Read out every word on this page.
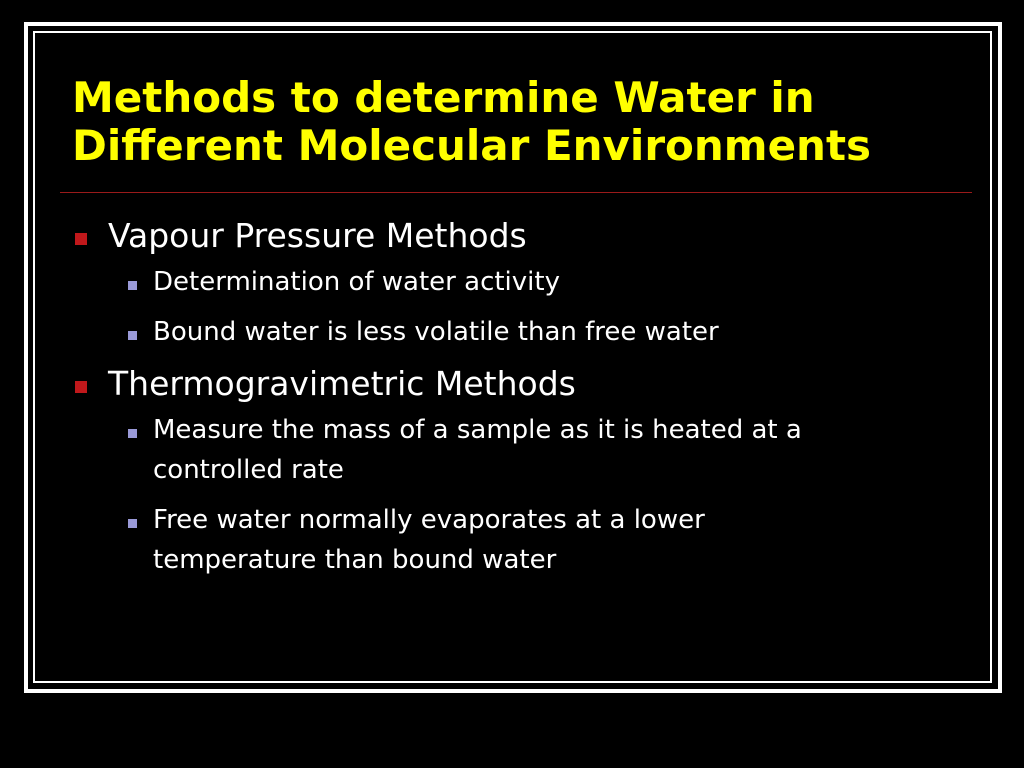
Methods to determine Water in
Different Molecular Environments
Vapour Pressure Methods
Determination of water activity
Bound water is less volatile than free water
Thermogravimetric Methods
Measure the mass of a sample as it is heated at a
controlled rate
Free water normally evaporates at a lower
temperature than bound water
